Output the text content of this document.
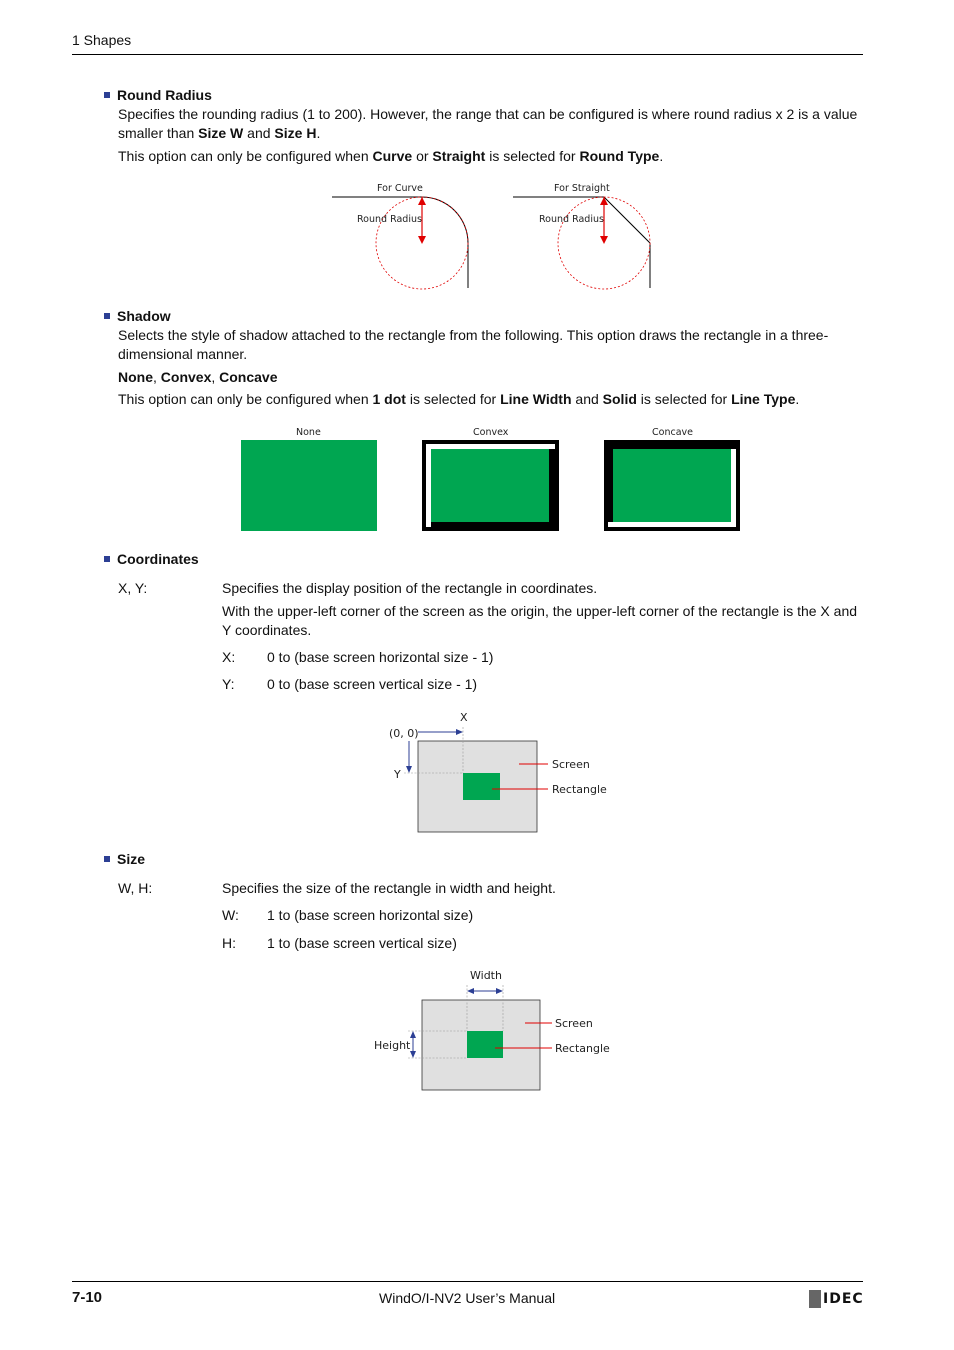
1 Shapes
Round Radius
Specifies the rounding radius (1 to 200). However, the range that can be configured is where round radius x 2 is a value smaller than Size W and Size H.
This option can only be configured when Curve or Straight is selected for Round Type.
For Curve
Round Radius
For Straight
Round Radius
Shadow
Selects the style of shadow attached to the rectangle from the following. This option draws the rectangle in a three-dimensional manner.
None, Convex, Concave
This option can only be configured when 1 dot is selected for Line Width and Solid is selected for Line Type.
None	Convex	Concave
Coordinates
X, Y:	Specifies the display position of the rectangle in coordinates.
With the upper-left corner of the screen as the origin, the upper-left corner of the rectangle is the X and Y coordinates.
X: 0 to (base screen horizontal size - 1)
Y: 0 to (base screen vertical size - 1)
X
(0, 0)
Y
Screen
Rectangle
Size
W, H:	Specifies the size of the rectangle in width and height.
W: 1 to (base screen horizontal size)
H: 1 to (base screen vertical size)
Width
Height
Screen
Rectangle
7-10	WindO/I-NV2 User’s Manual	IDEC
